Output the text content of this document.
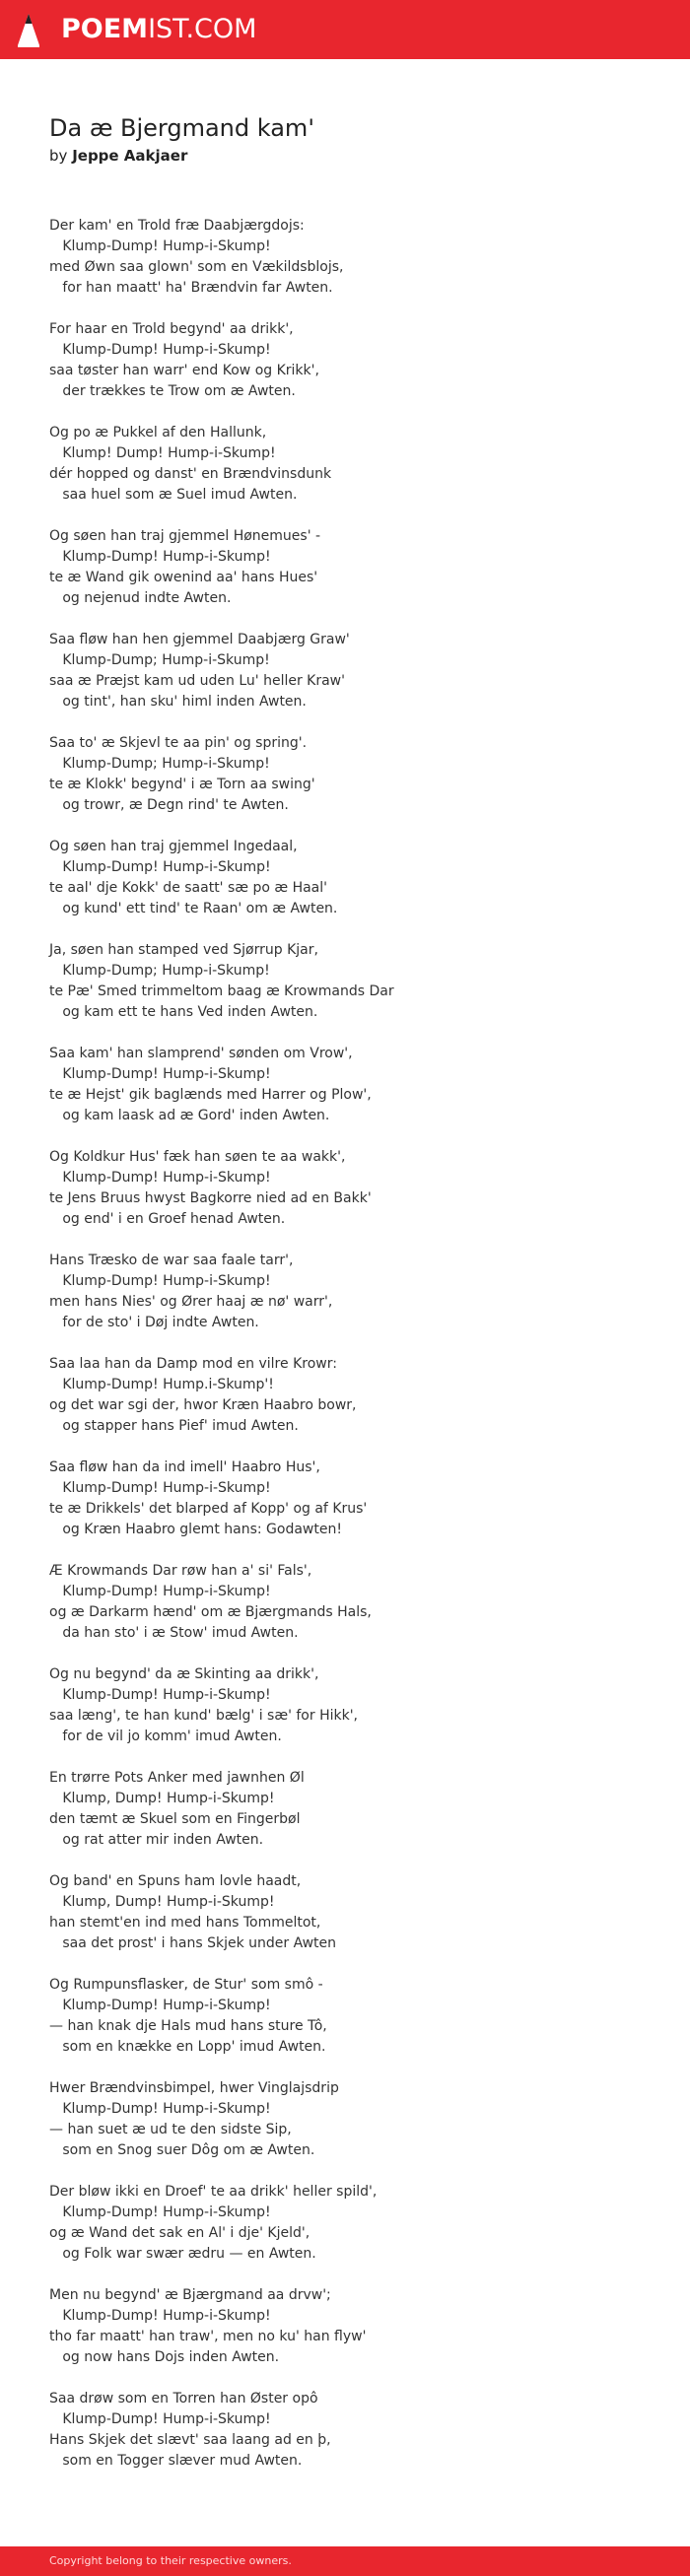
POEMIST.COM
Da æ Bjergmand kam'
by Jeppe Aakjaer
Der kam' en Trold fræ Daabjærgdojs:
Klump-Dump! Hump-i-Skump!
med Øwn saa glown' som en Vækildsblojs,
for han maatt' ha' Brændvin far Awten.
For haar en Trold begynd' aa drikk',
Klump-Dump! Hump-i-Skump!
saa tøster han warr' end Kow og Krikk',
der trækkes te Trow om æ Awten.
Og po æ Pukkel af den Hallunk,
Klump! Dump! Hump-i-Skump!
dér hopped og danst' en Brændvinsdunk
saa huel som æ Suel imud Awten.
Og søen han traj gjemmel Hønemues' -
Klump-Dump! Hump-i-Skump!
te æ Wand gik owenind aa' hans Hues'
og nejenud indte Awten.
Saa fløw han hen gjemmel Daabjærg Graw'
Klump-Dump; Hump-i-Skump!
saa æ Præjst kam ud uden Lu' heller Kraw'
og tint', han sku' himl inden Awten.
Saa to' æ Skjevl te aa pin' og spring'.
Klump-Dump; Hump-i-Skump!
te æ Klokk' begynd' i æ Torn aa swing'
og trowr, æ Degn rind' te Awten.
Og søen han traj gjemmel Ingedaal,
Klump-Dump! Hump-i-Skump!
te aal' dje Kokk' de saatt' sæ po æ Haal'
og kund' ett tind' te Raan' om æ Awten.
Ja, søen han stamped ved Sjørrup Kjar,
Klump-Dump; Hump-i-Skump!
te Pæ' Smed trimmeltom baag æ Krowmands Dar
og kam ett te hans Ved inden Awten.
Saa kam' han slamprend' sønden om Vrow',
Klump-Dump! Hump-i-Skump!
te æ Hejst' gik baglænds med Harrer og Plow',
og kam laask ad æ Gord' inden Awten.
Og Koldkur Hus' fæk han søen te aa wakk',
Klump-Dump! Hump-i-Skump!
te Jens Bruus hwyst Bagkorre nied ad en Bakk'
og end' i en Groef henad Awten.
Hans Træsko de war saa faale tarr',
Klump-Dump! Hump-i-Skump!
men hans Nies' og Ører haaj æ nø' warr',
for de sto' i Døj indte Awten.
Saa laa han da Damp mod en vilre Krowr:
Klump-Dump! Hump.i-Skump'!
og det war sgi der, hwor Kræn Haabro bowr,
og stapper hans Pief' imud Awten.
Saa fløw han da ind imell' Haabro Hus',
Klump-Dump! Hump-i-Skump!
te æ Drikkels' det blarped af Kopp' og af Krus'
og Kræn Haabro glemt hans: Godawten!
Æ Krowmands Dar røw han a' si' Fals',
Klump-Dump! Hump-i-Skump!
og æ Darkarm hænd' om æ Bjærgmands Hals,
da han sto' i æ Stow' imud Awten.
Og nu begynd' da æ Skinting aa drikk',
Klump-Dump! Hump-i-Skump!
saa læng', te han kund' bælg' i sæ' for Hikk',
for de vil jo komm' imud Awten.
En trørre Pots Anker med jawnhen Øl
Klump, Dump! Hump-i-Skump!
den tæmt æ Skuel som en Fingerbøl
og rat atter mir inden Awten.
Og band' en Spuns ham lovle haadt,
Klump, Dump! Hump-i-Skump!
han stemt'en ind med hans Tommeltot,
saa det prost' i hans Skjek under Awten
Og Rumpunsflasker, de Stur' som smô -
Klump-Dump! Hump-i-Skump!
— han knak dje Hals mud hans sture Tô,
som en knække en Lopp' imud Awten.
Hwer Brændvinsbimpel, hwer Vinglajsdrip
Klump-Dump! Hump-i-Skump!
— han suet æ ud te den sidste Sip,
som en Snog suer Dôg om æ Awten.
Der bløw ikki en Droef' te aa drikk' heller spild',
Klump-Dump! Hump-i-Skump!
og æ Wand det sak en Al' i dje' Kjeld',
og Folk war swær ædru — en Awten.
Men nu begynd' æ Bjærgmand aa drvw';
Klump-Dump! Hump-i-Skump!
tho far maatt' han traw', men no ku' han flyw'
og now hans Dojs inden Awten.
Saa drøw som en Torren han Øster opô
Klump-Dump! Hump-i-Skump!
Hans Skjek det slævt' saa laang ad en þ,
som en Togger slæver mud Awten.
Copyright belong to their respective owners.
